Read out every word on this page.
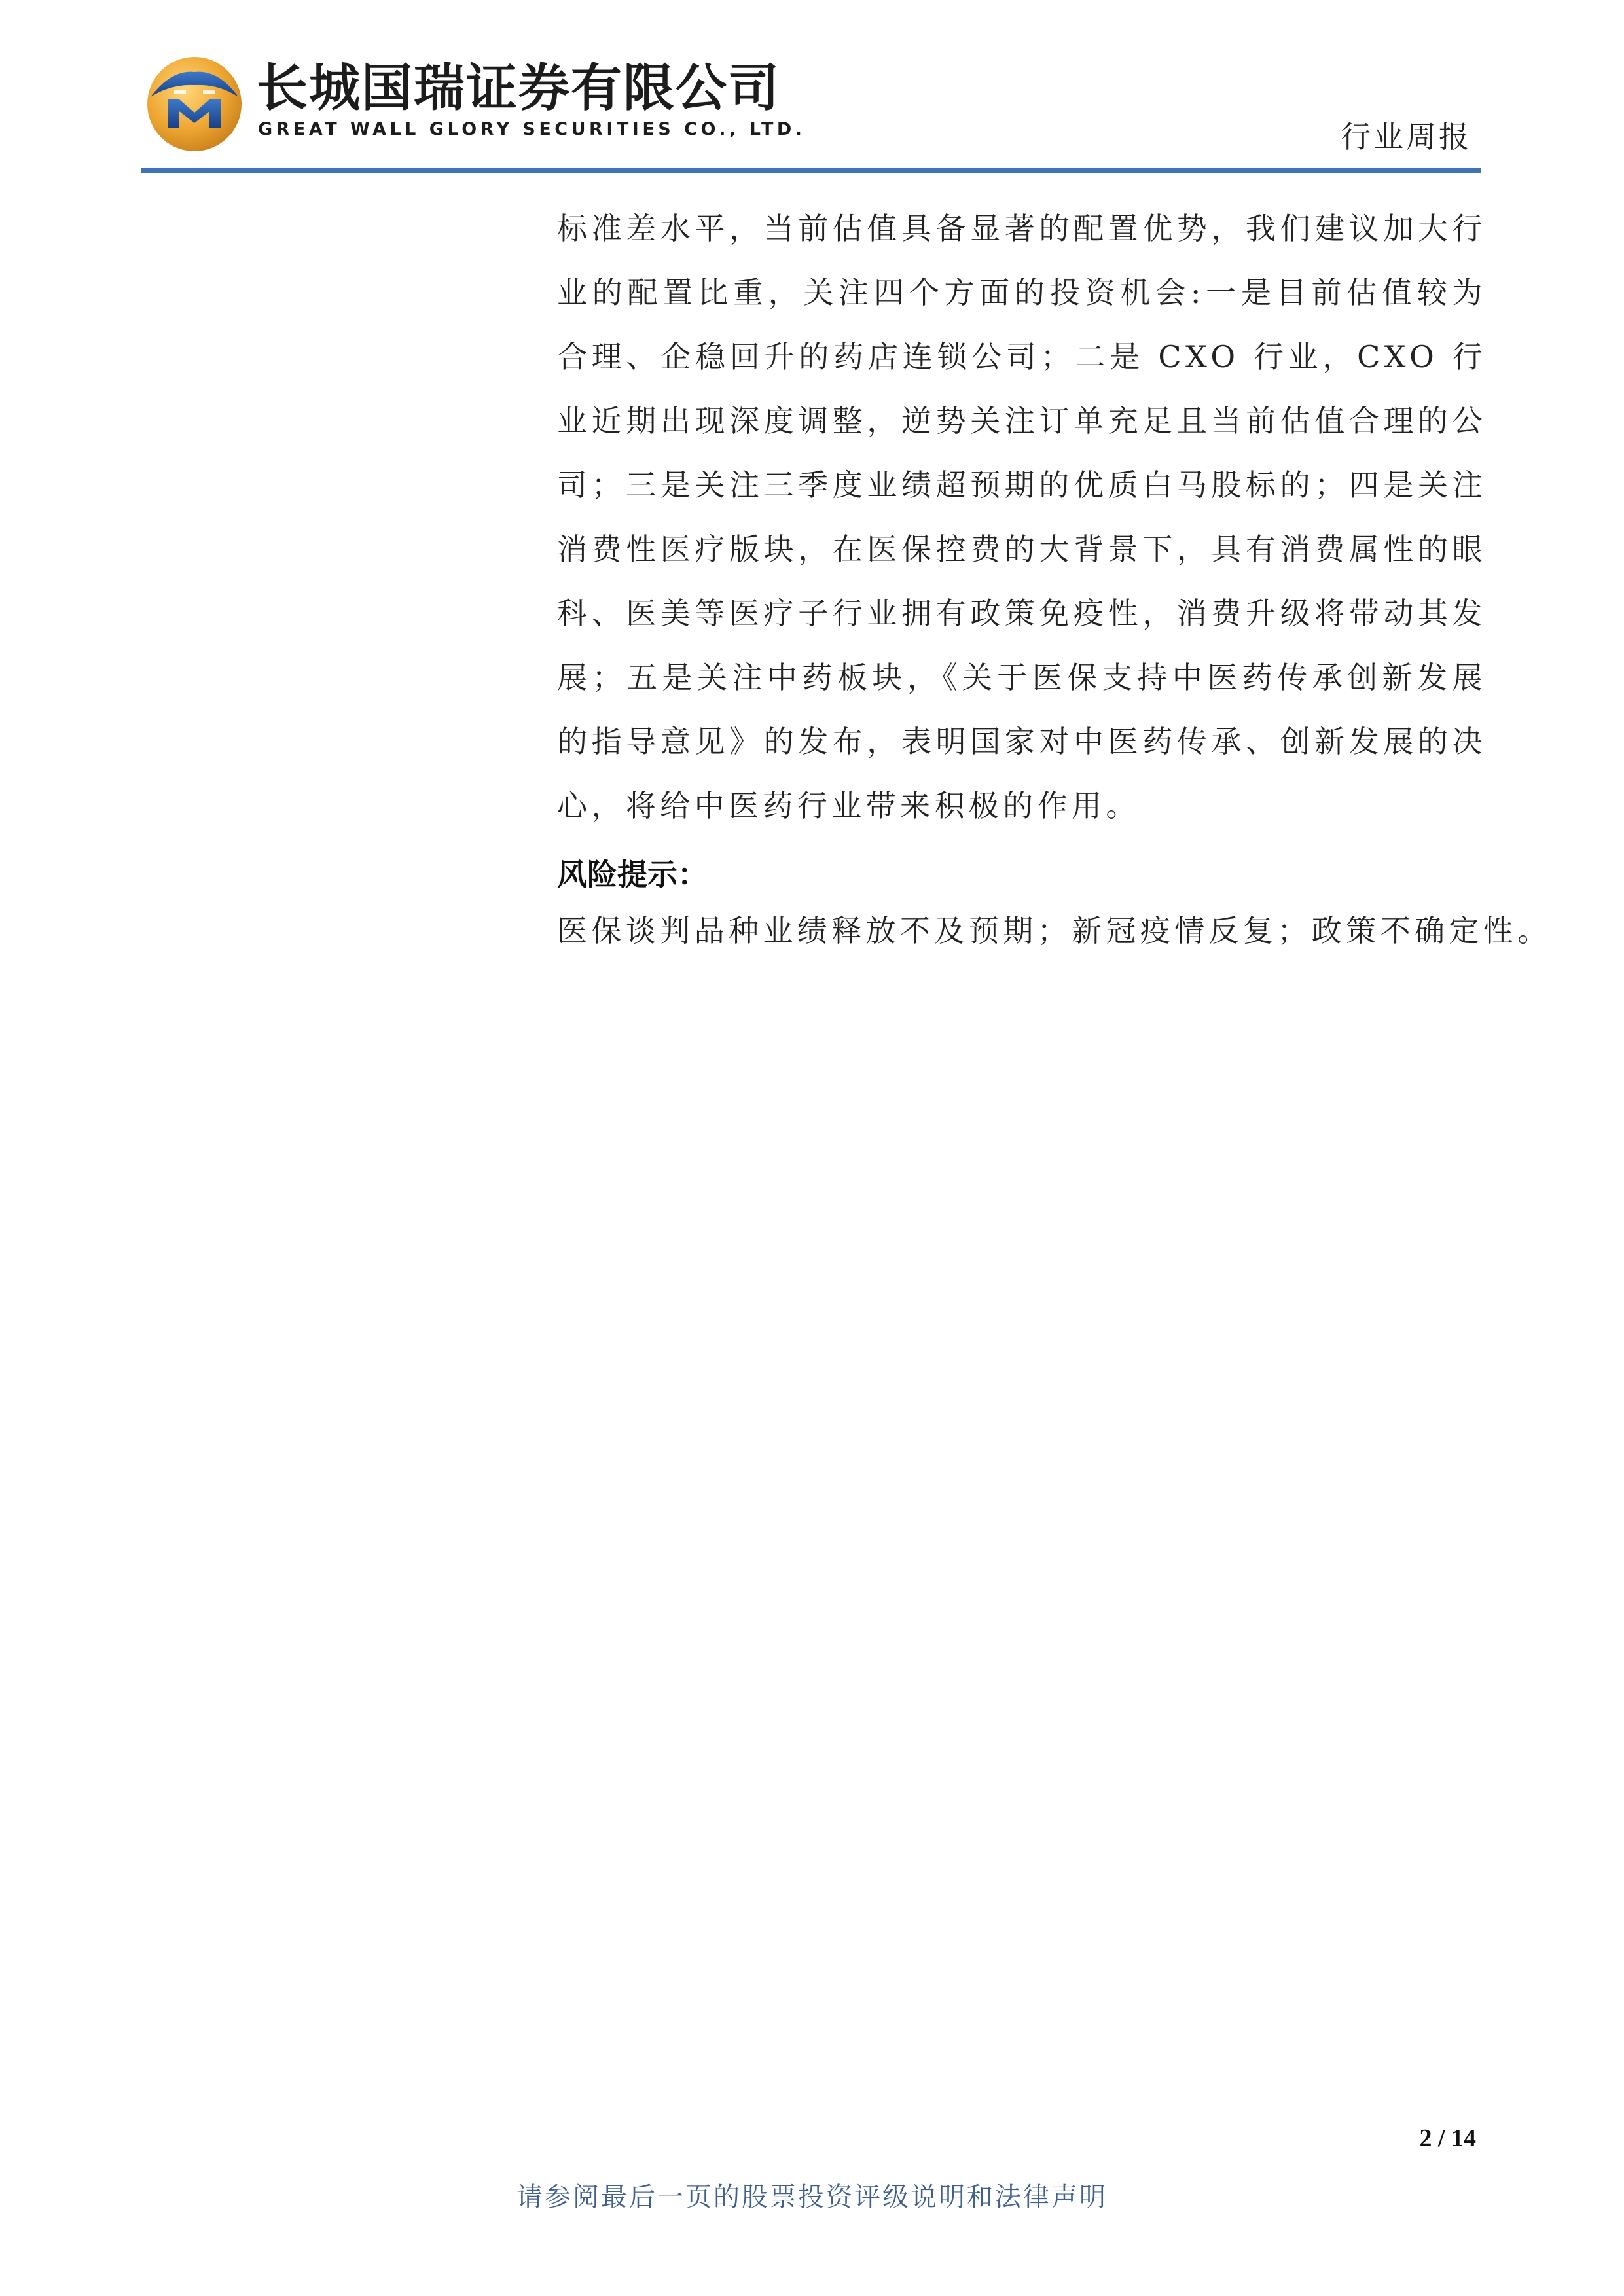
长城国瑞证券有限公司
GREAT WALL GLORY SECURITIES CO., LTD.	行业周报

标准差水平，当前估值具备显著的配置优势，我们建议加大行业的配置比重，关注四个方面的投资机会:一是目前估值较为合理、企稳回升的药店连锁公司；二是 CXO 行业，CXO 行业近期出现深度调整，逆势关注订单充足且当前估值合理的公司；三是关注三季度业绩超预期的优质白马股标的；四是关注消费性医疗版块，在医保控费的大背景下，具有消费属性的眼科、医美等医疗子行业拥有政策免疫性，消费升级将带动其发展；五是关注中药板块，《关于医保支持中医药传承创新发展的指导意见》的发布，表明国家对中医药传承、创新发展的决心，将给中医药行业带来积极的作用。

风险提示：

医保谈判品种业绩释放不及预期；新冠疫情反复；政策不确定性。

2 / 14
请参阅最后一页的股票投资评级说明和法律声明
